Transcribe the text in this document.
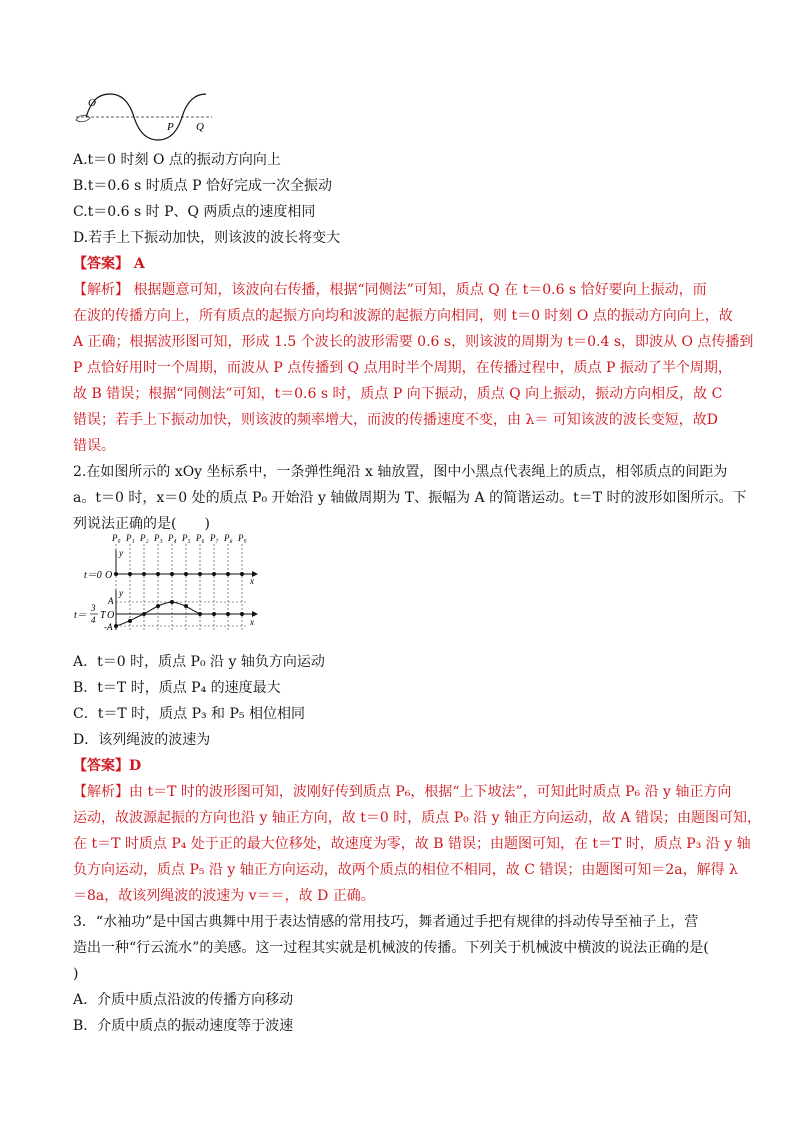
O
P Q
A.t＝0 时刻 O 点的振动方向向上
B.t＝0.6 s 时质点 P 恰好完成一次全振动
C.t＝0.6 s 时 P、Q 两质点的速度相同
D.若手上下振动加快，则该波的波长将变大
【答案】 A
【解析】 根据题意可知，该波向右传播，根据“同侧法”可知，质点 Q 在 t＝0.6 s 恰好要向上振动，而
在波的传播方向上，所有质点的起振方向均和波源的起振方向相同，则 t＝0 时刻 O 点的振动方向向上，故
A 正确；根据波形图可知，形成 1.5 个波长的波形需要 0.6 s，则该波的周期为 t＝0.4 s，即波从 O 点传播到
P 点恰好用时一个周期，而波从 P 点传播到 Q 点用时半个周期，在传播过程中，质点 P 振动了半个周期，
故 B 错误；根据“同侧法”可知，t＝0.6 s 时，质点 P 向下振动，质点 Q 向上振动，振动方向相反，故 C
错误；若手上下振动加快，则该波的频率增大，而波的传播速度不变，由 λ＝ 可知该波的波长变短，故D
错误。
2.在如图所示的 xOy 坐标系中，一条弹性绳沿 x 轴放置，图中小黑点代表绳上的质点，相邻质点的间距为
a。t＝0 时，x＝0 处的质点 P₀ 开始沿 y 轴做周期为 T、振幅为 A 的简谐运动。t＝T 时的波形如图所示。下
列说法正确的是(　　)
P₀ P₁ P₂ P₃ P₄ P₅ P₆ P₇ P₈ P₉
y
t＝0 O	x
y
t＝
3
4 T O
A
-A	x
A．t＝0 时，质点 P₀ 沿 y 轴负方向运动
B．t＝T 时，质点 P₄ 的速度最大
C．t＝T 时，质点 P₃ 和 P₅ 相位相同
D．该列绳波的波速为
【答案】D
【解析】由 t＝T 时的波形图可知，波刚好传到质点 P₆，根据“上下坡法”，可知此时质点 P₆ 沿 y 轴正方向
运动，故波源起振的方向也沿 y 轴正方向，故 t＝0 时，质点 P₀ 沿 y 轴正方向运动，故 A 错误；由题图可知，
在 t＝T 时质点 P₄ 处于正的最大位移处，故速度为零，故 B 错误；由题图可知，在 t＝T 时，质点 P₃ 沿 y 轴
负方向运动，质点 P₅ 沿 y 轴正方向运动，故两个质点的相位不相同，故 C 错误；由题图可知＝2a，解得 λ
＝8a，故该列绳波的波速为 v＝＝，故 D 正确。
3．“水袖功”是中国古典舞中用于表达情感的常用技巧，舞者通过手把有规律的抖动传导至袖子上，营
造出一种“行云流水”的美感。这一过程其实就是机械波的传播。下列关于机械波中横波的说法正确的是(
)
A．介质中质点沿波的传播方向移动
B．介质中质点的振动速度等于波速
